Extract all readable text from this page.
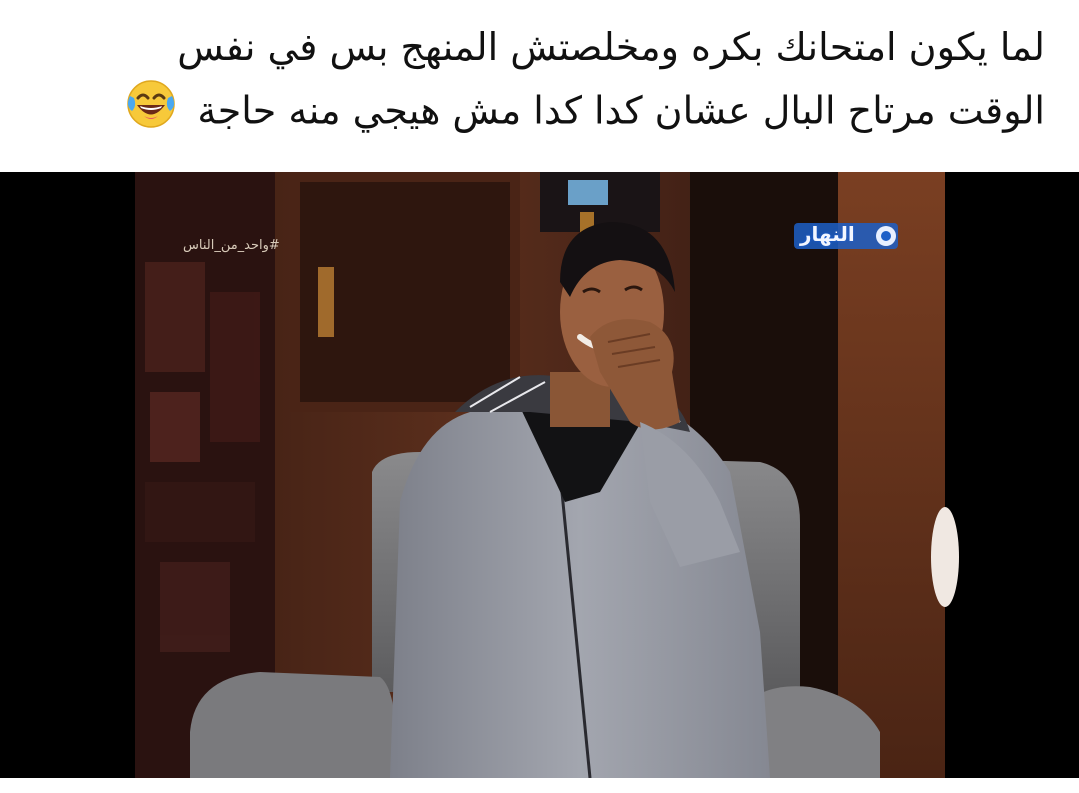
لما يكون امتحانك بكره ومخلصتش المنهج بس في نفس
الوقت مرتاح البال عشان كدا كدا مش هيجي منه حاجة
#واحد_من_الناس	النهار
